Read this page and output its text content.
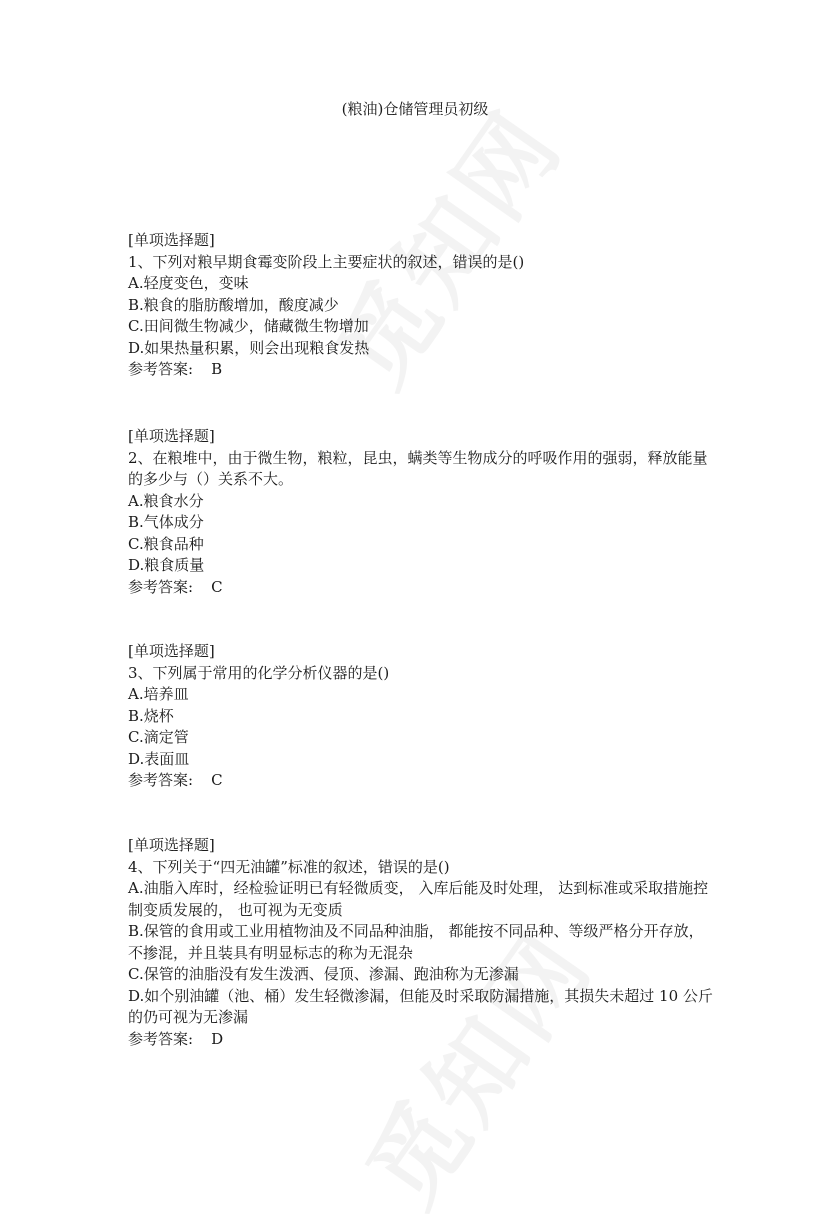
(粮油)仓储管理员初级
[单项选择题]
1、下列对粮早期食霉变阶段上主要症状的叙述，错误的是()
A.轻度变色，变味
B.粮食的脂肪酸增加，酸度减少
C.田间微生物减少，储藏微生物增加
D.如果热量积累，则会出现粮食发热
参考答案: B
[单项选择题]
2、在粮堆中，由于微生物，粮粒，昆虫，螨类等生物成分的呼吸作用的强弱，释放能量的多少与（）关系不大。
A.粮食水分
B.气体成分
C.粮食品种
D.粮食质量
参考答案: C
[单项选择题]
3、下列属于常用的化学分析仪器的是()
A.培养皿
B.烧杯
C.滴定管
D.表面皿
参考答案: C
[单项选择题]
4、下列关于“四无油罐”标准的叙述，错误的是()
A.油脂入库时，经检验证明已有轻微质变， 入库后能及时处理， 达到标准或采取措施控制变质发展的， 也可视为无变质
B.保管的食用或工业用植物油及不同品种油脂， 都能按不同品种、等级严格分开存放，不掺混，并且装具有明显标志的称为无混杂
C.保管的油脂没有发生泼洒、侵顶、渗漏、跑油称为无渗漏
D.如个别油罐（池、桶）发生轻微渗漏，但能及时采取防漏措施，其损失未超过 10 公斤的仍可视为无渗漏
参考答案: D
